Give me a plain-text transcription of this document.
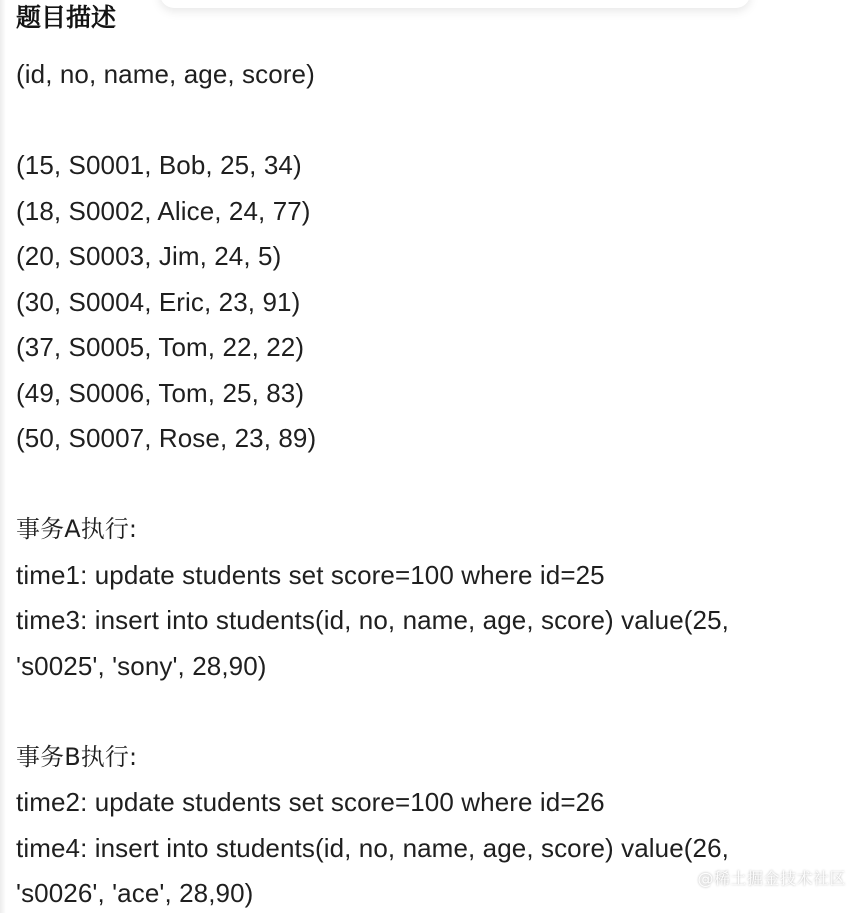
题目描述
(id, no, name, age, score)
(15, S0001, Bob, 25, 34)
(18, S0002, Alice, 24, 77)
(20, S0003, Jim, 24, 5)
(30, S0004, Eric, 23, 91)
(37, S0005, Tom, 22, 22)
(49, S0006, Tom, 25, 83)
(50, S0007, Rose, 23, 89)
事务A执行:
time1: update students set score=100 where id=25
time3: insert into students(id, no, name, age, score) value(25,
's0025', 'sony', 28,90)
事务B执行:
time2: update students set score=100 where id=26
time4: insert into students(id, no, name, age, score) value(26,
's0026', 'ace', 28,90)	@稀土掘金技术社区
